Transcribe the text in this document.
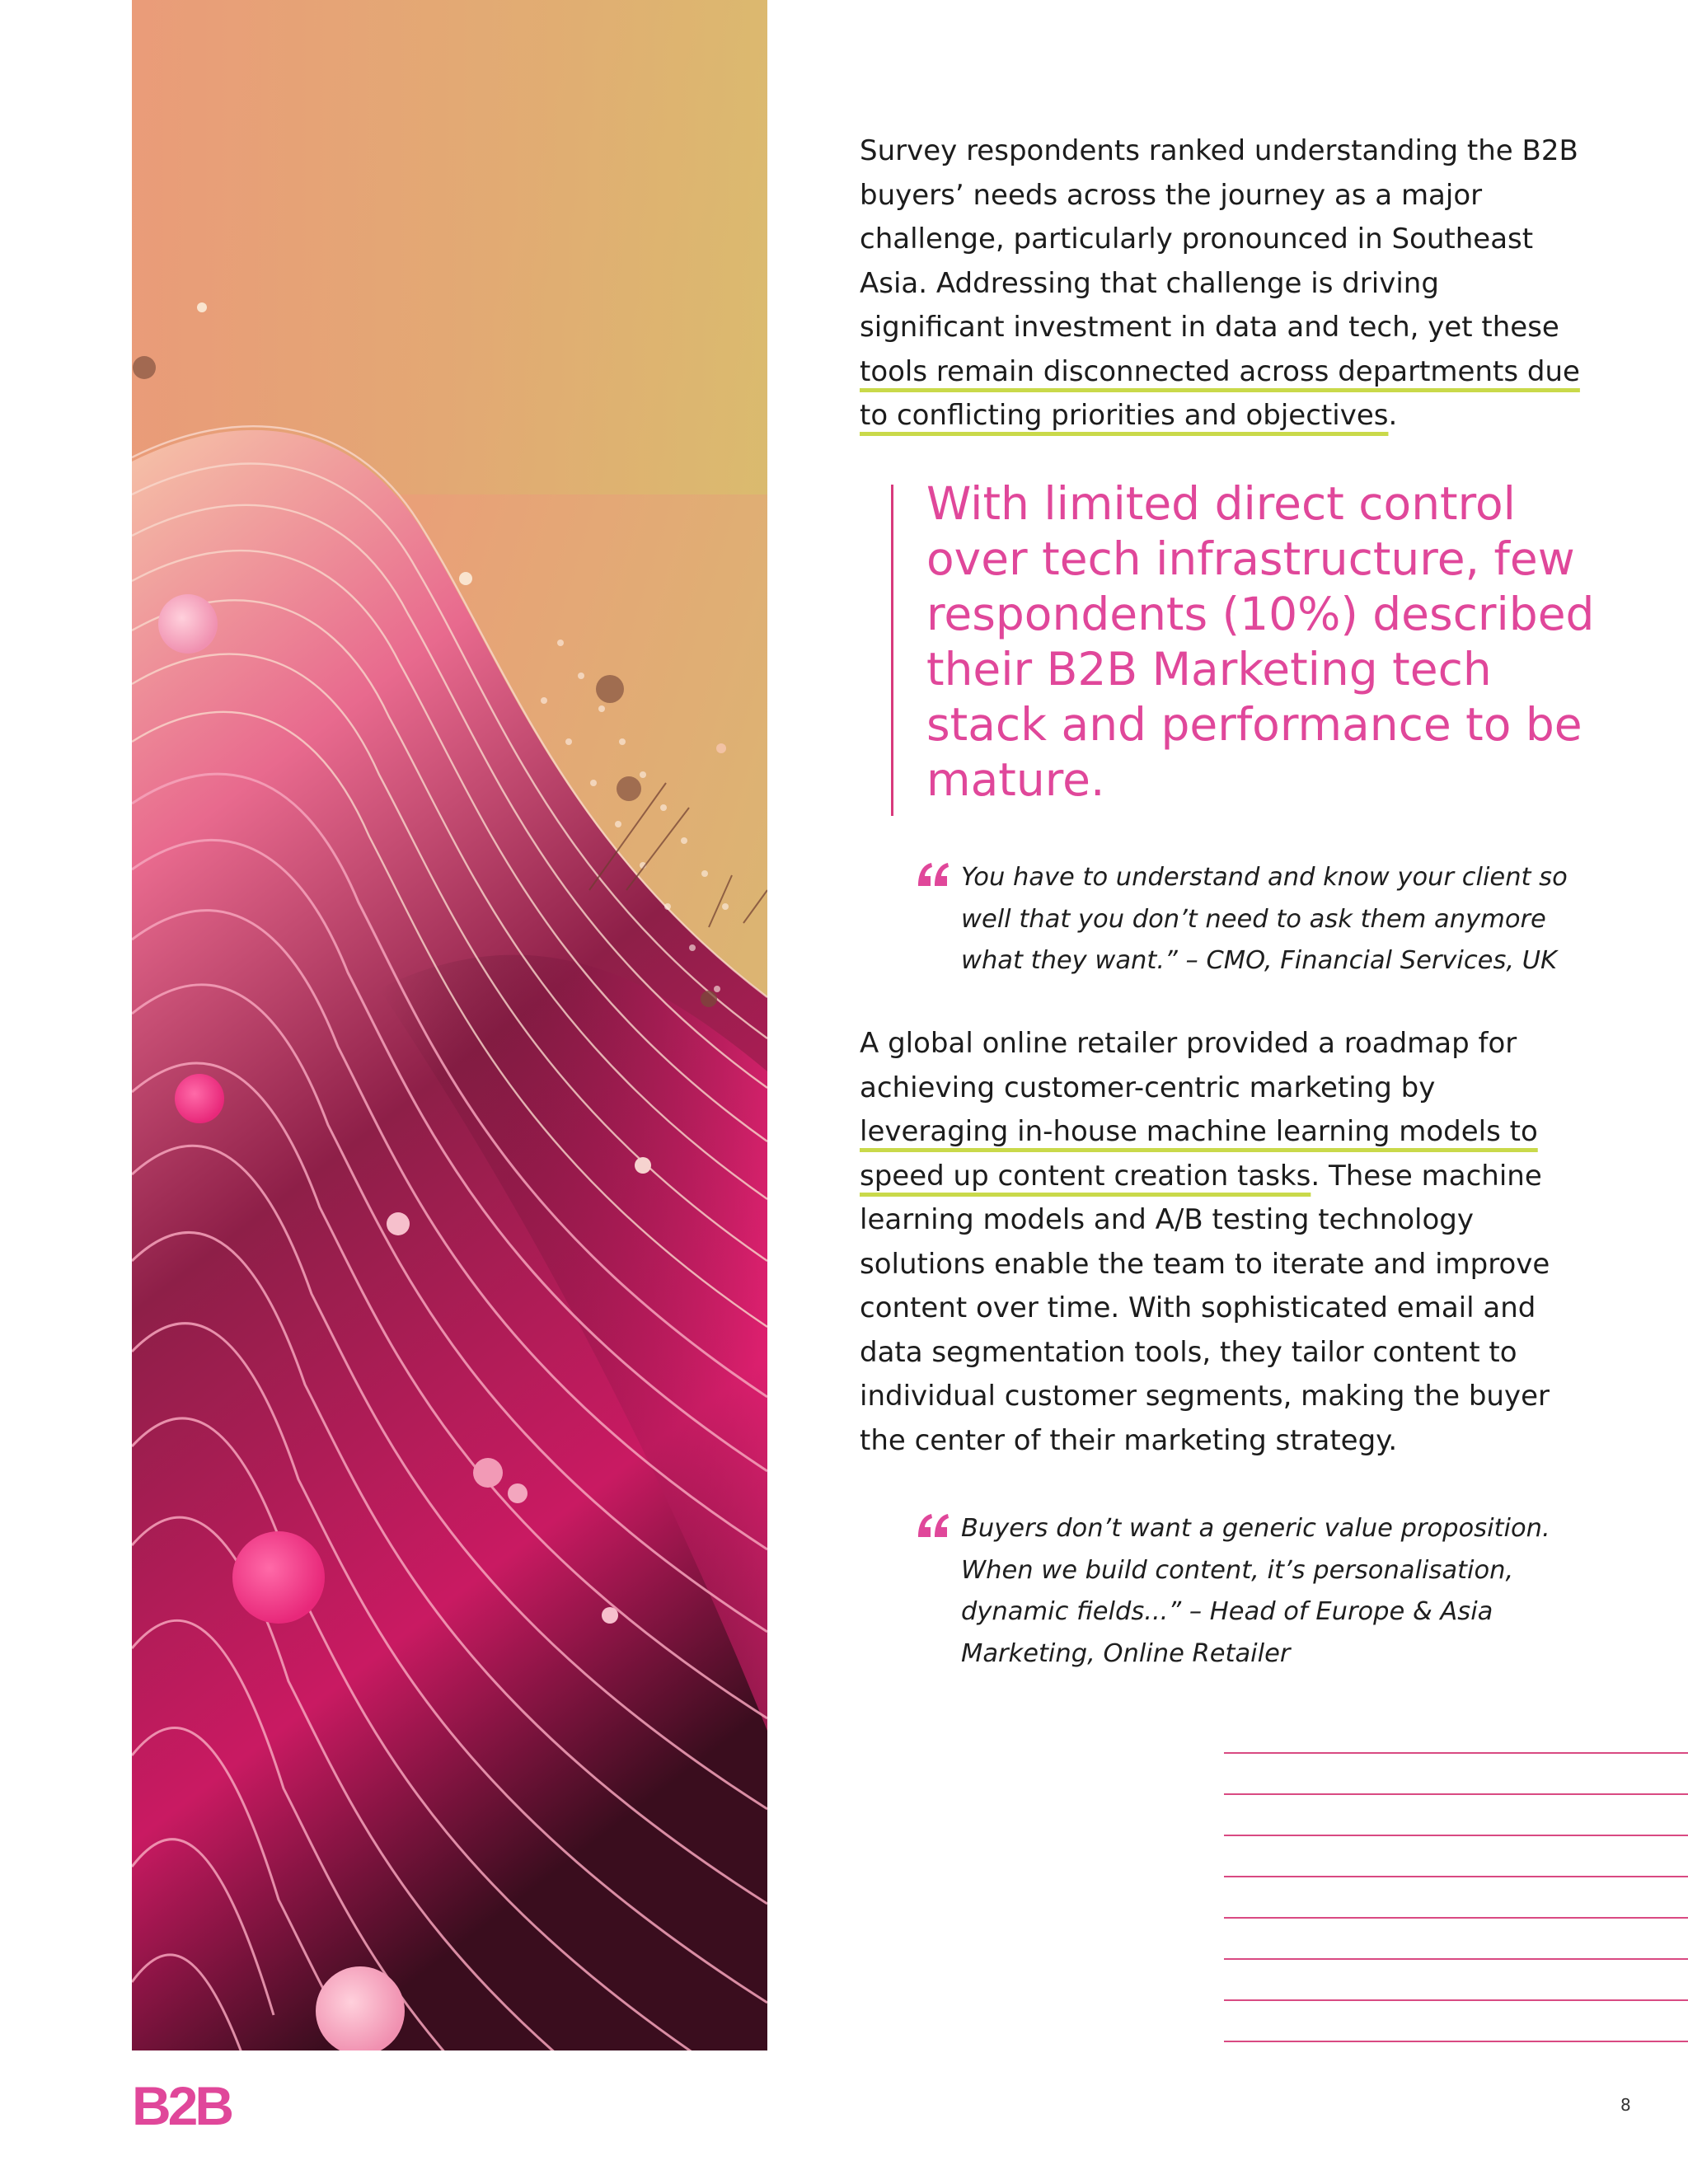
Survey respondents ranked understanding the B2B buyers’ needs across the journey as a major challenge, particularly pronounced in Southeast Asia. Addressing that challenge is driving significant investment in data and tech, yet these tools remain disconnected across departments due to conflicting priorities and objectives.

With limited direct control over tech infrastructure, few respondents (10%) described their B2B Marketing tech stack and performance to be mature.

You have to understand and know your client so well that you don’t need to ask them anymore what they want.” – CMO, Financial Services, UK

A global online retailer provided a roadmap for achieving customer-centric marketing by leveraging in-house machine learning models to speed up content creation tasks. These machine learning models and A/B testing technology solutions enable the team to iterate and improve content over time. With sophisticated email and data segmentation tools, they tailor content to individual customer segments, making the buyer the center of their marketing strategy.

Buyers don’t want a generic value proposition. When we build content, it’s personalisation, dynamic fields...” – Head of Europe & Asia Marketing, Online Retailer

B2B	8
